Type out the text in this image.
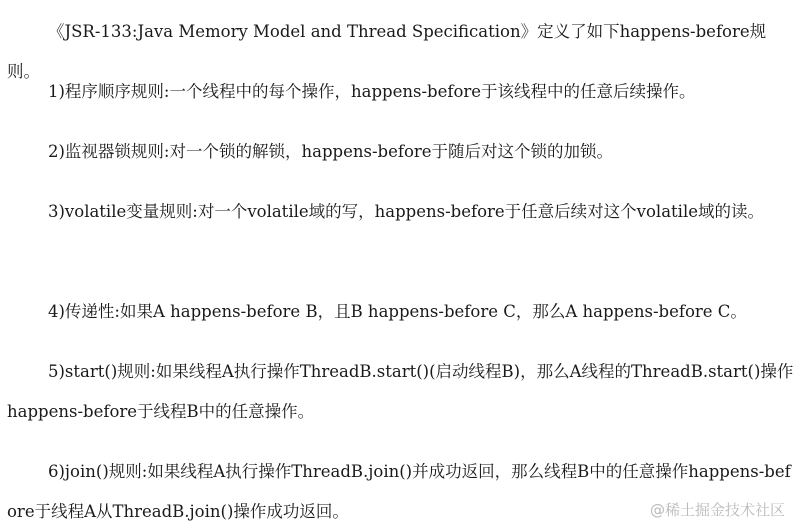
《JSR-133:Java Memory Model and Thread Specification》定义了如下happens-before规则。
1)程序顺序规则:一个线程中的每个操作，happens-before于该线程中的任意后续操作。
2)监视器锁规则:对一个锁的解锁，happens-before于随后对这个锁的加锁。
3)volatile变量规则:对一个volatile域的写，happens-before于任意后续对这个volatile域的读。
4)传递性:如果A happens-before B，且B happens-before C，那么A happens-before C。
5)start()规则:如果线程A执行操作ThreadB.start()(启动线程B)，那么A线程的ThreadB.start()操作happens-before于线程B中的任意操作。
6)join()规则:如果线程A执行操作ThreadB.join()并成功返回，那么线程B中的任意操作happens-before于线程A从ThreadB.join()操作成功返回。	@稀土掘金技术社区
